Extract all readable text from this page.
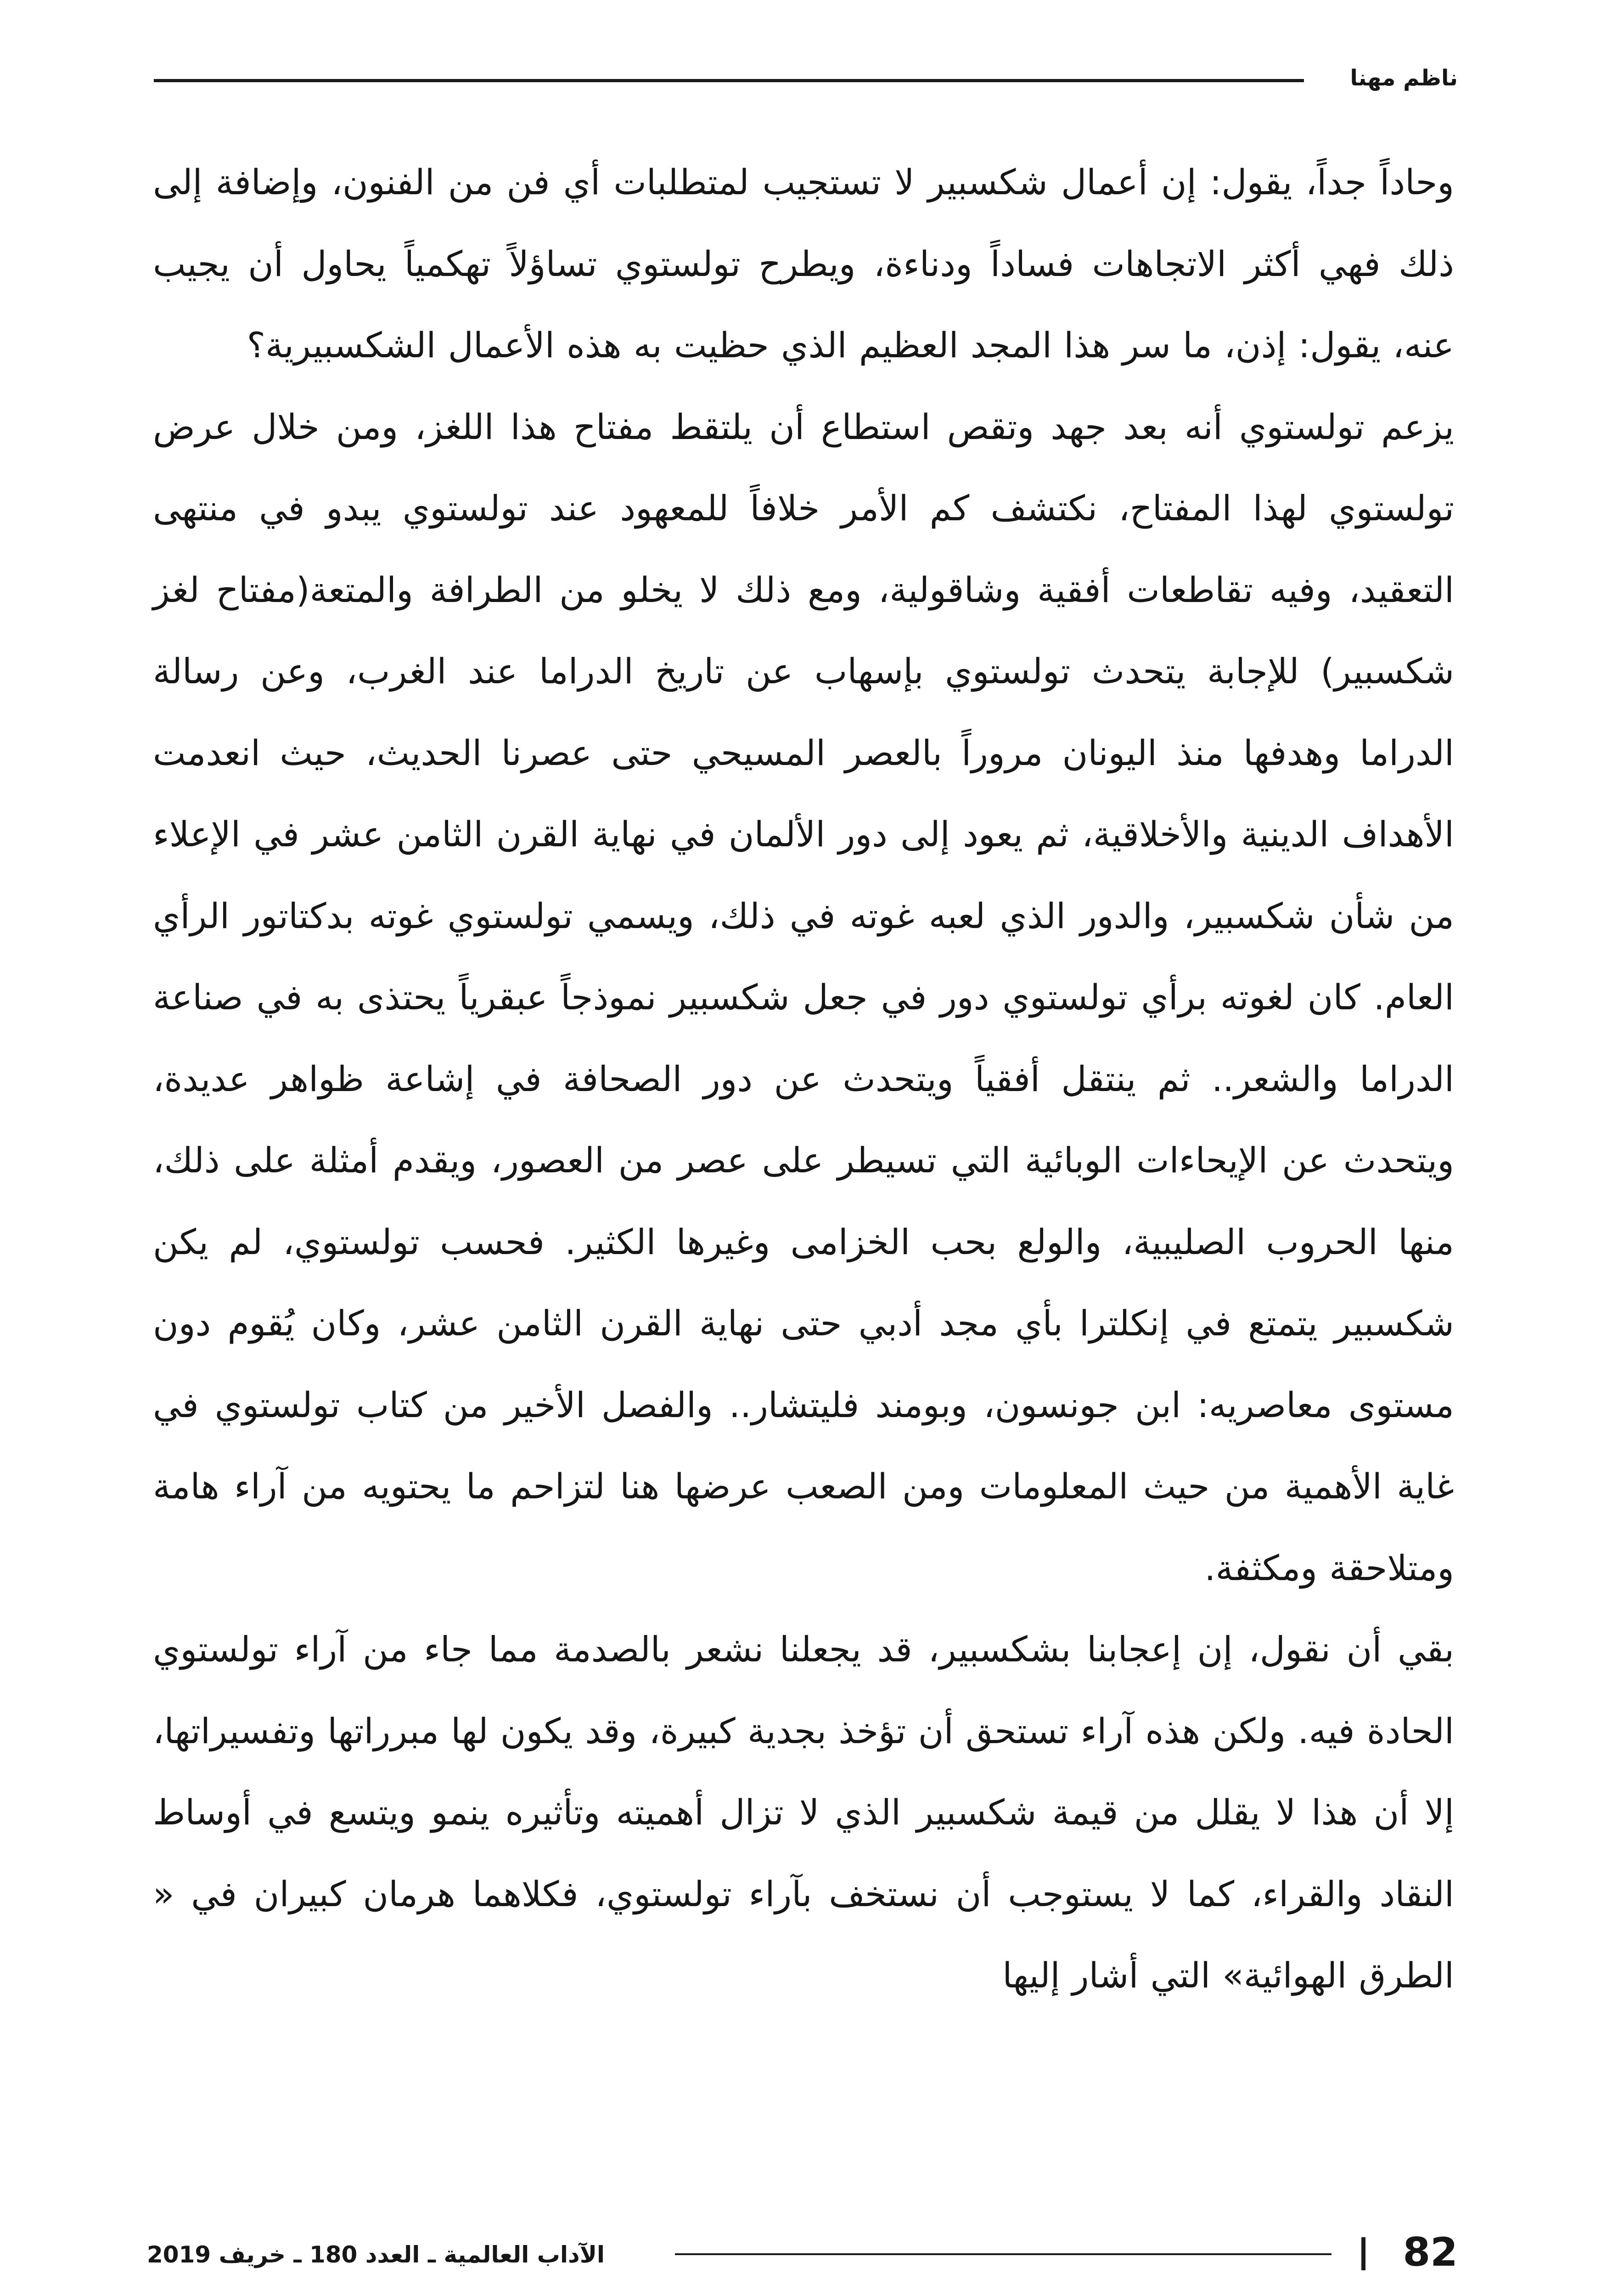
ناظم مهنا

وحاداً جداً، يقول: إن أعمال شكسبير لا تستجيب لمتطلبات أي فن من الفنون، وإضافة إلى ذلك فهي أكثر الاتجاهات فساداً ودناءة، ويطرح تولستوي تساؤلاً تهكمياً يحاول أن يجيب عنه، يقول: إذن، ما سر هذا المجد العظيم الذي حظيت به هذه الأعمال الشكسبيرية؟

يزعم تولستوي أنه بعد جهد وتقص استطاع أن يلتقط مفتاح هذا اللغز، ومن خلال عرض تولستوي لهذا المفتاح، نكتشف كم الأمر خلافاً للمعهود عند تولستوي يبدو في منتهى التعقيد، وفيه تقاطعات أفقية وشاقولية، ومع ذلك لا يخلو من الطرافة والمتعة(مفتاح لغز شكسبير) للإجابة يتحدث تولستوي بإسهاب عن تاريخ الدراما عند الغرب، وعن رسالة الدراما وهدفها منذ اليونان مروراً بالعصر المسيحي حتى عصرنا الحديث، حيث انعدمت الأهداف الدينية والأخلاقية، ثم يعود إلى دور الألمان في نهاية القرن الثامن عشر في الإعلاء من شأن شكسبير، والدور الذي لعبه غوته في ذلك، ويسمي تولستوي غوته بدكتاتور الرأي العام. كان لغوته برأي تولستوي دور في جعل شكسبير نموذجاً عبقرياً يحتذى به في صناعة الدراما والشعر.. ثم ينتقل أفقياً ويتحدث عن دور الصحافة في إشاعة ظواهر عديدة، ويتحدث عن الإيحاءات الوبائية التي تسيطر على عصر من العصور، ويقدم أمثلة على ذلك، منها الحروب الصليبية، والولع بحب الخزامى وغيرها الكثير. فحسب تولستوي، لم يكن شكسبير يتمتع في إنكلترا بأي مجد أدبي حتى نهاية القرن الثامن عشر، وكان يُقوم دون مستوى معاصريه: ابن جونسون، وبومند فليتشار.. والفصل الأخير من كتاب تولستوي في غاية الأهمية من حيث المعلومات ومن الصعب عرضها هنا لتزاحم ما يحتويه من آراء هامة ومتلاحقة ومكثفة.

بقي أن نقول، إن إعجابنا بشكسبير، قد يجعلنا نشعر بالصدمة مما جاء من آراء تولستوي الحادة فيه. ولكن هذه آراء تستحق أن تؤخذ بجدية كبيرة، وقد يكون لها مبرراتها وتفسيراتها، إلا أن هذا لا يقلل من قيمة شكسبير الذي لا تزال أهميته وتأثيره ينمو ويتسع في أوساط النقاد والقراء، كما لا يستوجب أن نستخف بآراء تولستوي، فكلاهما هرمان كبيران في « الطرق الهوائية» التي أشار إليها

82
الآداب العالمية ـ العدد 180 ـ خريف 2019
